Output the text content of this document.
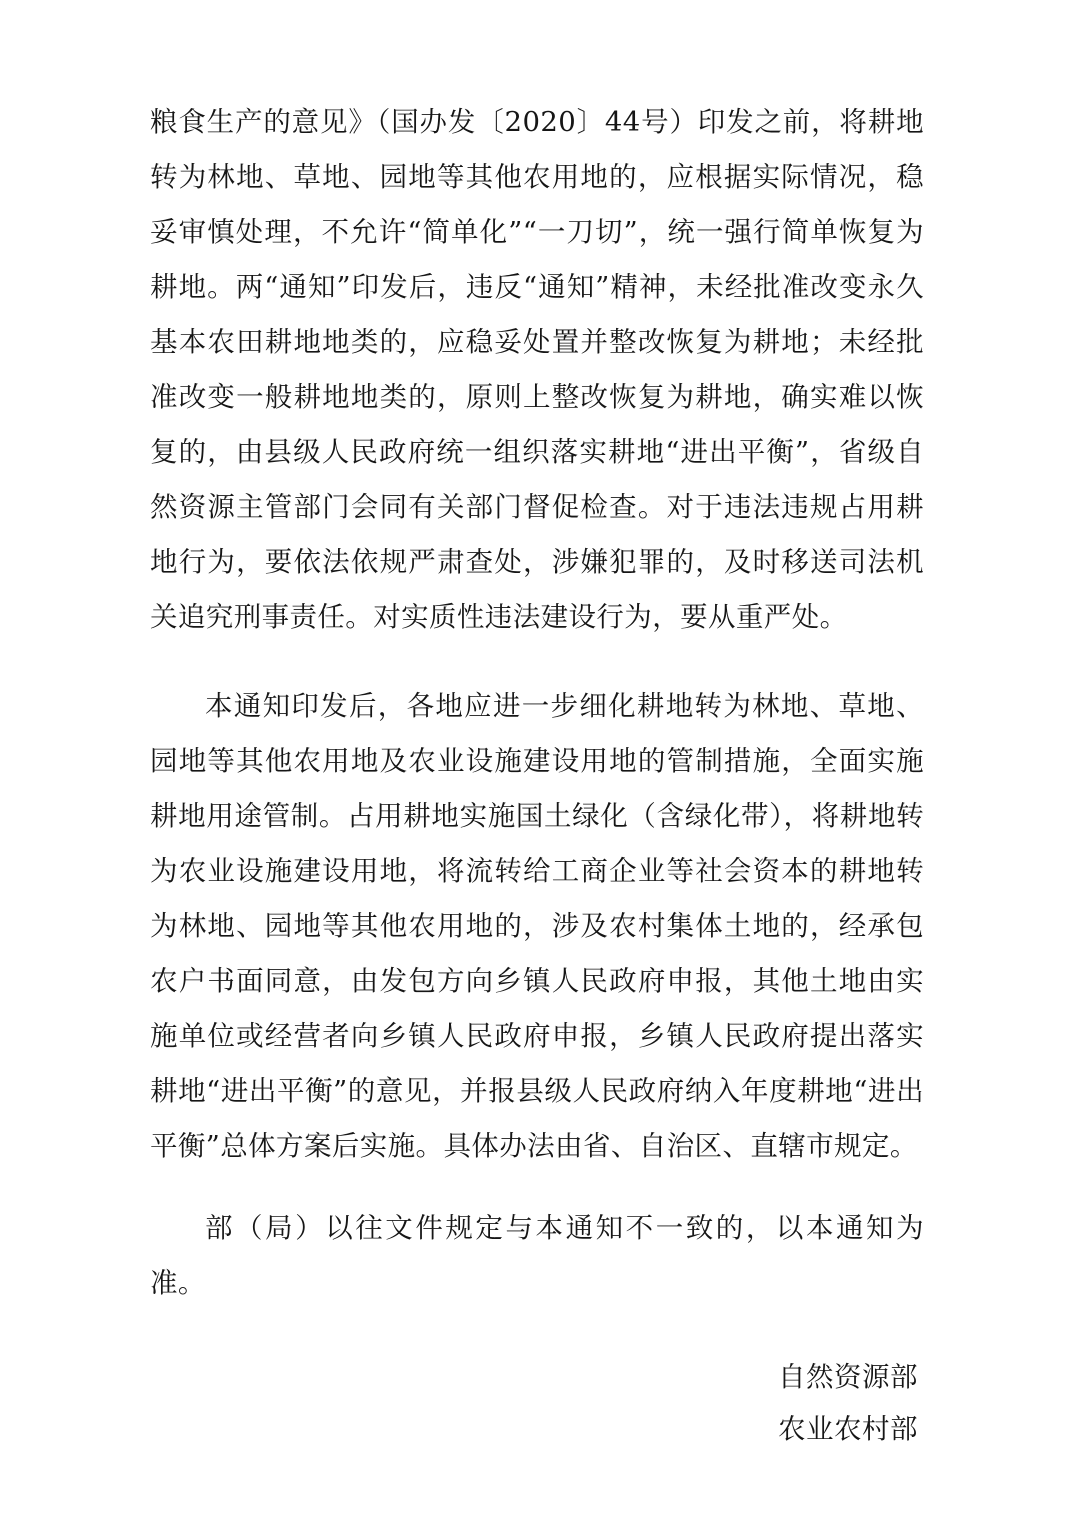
粮食生产的意见》（国办发〔2020〕44号）印发之前，将耕地转为林地、草地、园地等其他农用地的，应根据实际情况，稳妥审慎处理，不允许“简单化”“一刀切”，统一强行简单恢复为耕地。两“通知”印发后，违反“通知”精神，未经批准改变永久基本农田耕地地类的，应稳妥处置并整改恢复为耕地；未经批准改变一般耕地地类的，原则上整改恢复为耕地，确实难以恢复的，由县级人民政府统一组织落实耕地“进出平衡”，省级自然资源主管部门会同有关部门督促检查。对于违法违规占用耕地行为，要依法依规严肃查处，涉嫌犯罪的，及时移送司法机关追究刑事责任。对实质性违法建设行为，要从重严处。

本通知印发后，各地应进一步细化耕地转为林地、草地、园地等其他农用地及农业设施建设用地的管制措施，全面实施耕地用途管制。占用耕地实施国土绿化（含绿化带），将耕地转为农业设施建设用地，将流转给工商企业等社会资本的耕地转为林地、园地等其他农用地的，涉及农村集体土地的，经承包农户书面同意，由发包方向乡镇人民政府申报，其他土地由实施单位或经营者向乡镇人民政府申报，乡镇人民政府提出落实耕地“进出平衡”的意见，并报县级人民政府纳入年度耕地“进出平衡”总体方案后实施。具体办法由省、自治区、直辖市规定。

部（局）以往文件规定与本通知不一致的，以本通知为准。

自然资源部
农业农村部
